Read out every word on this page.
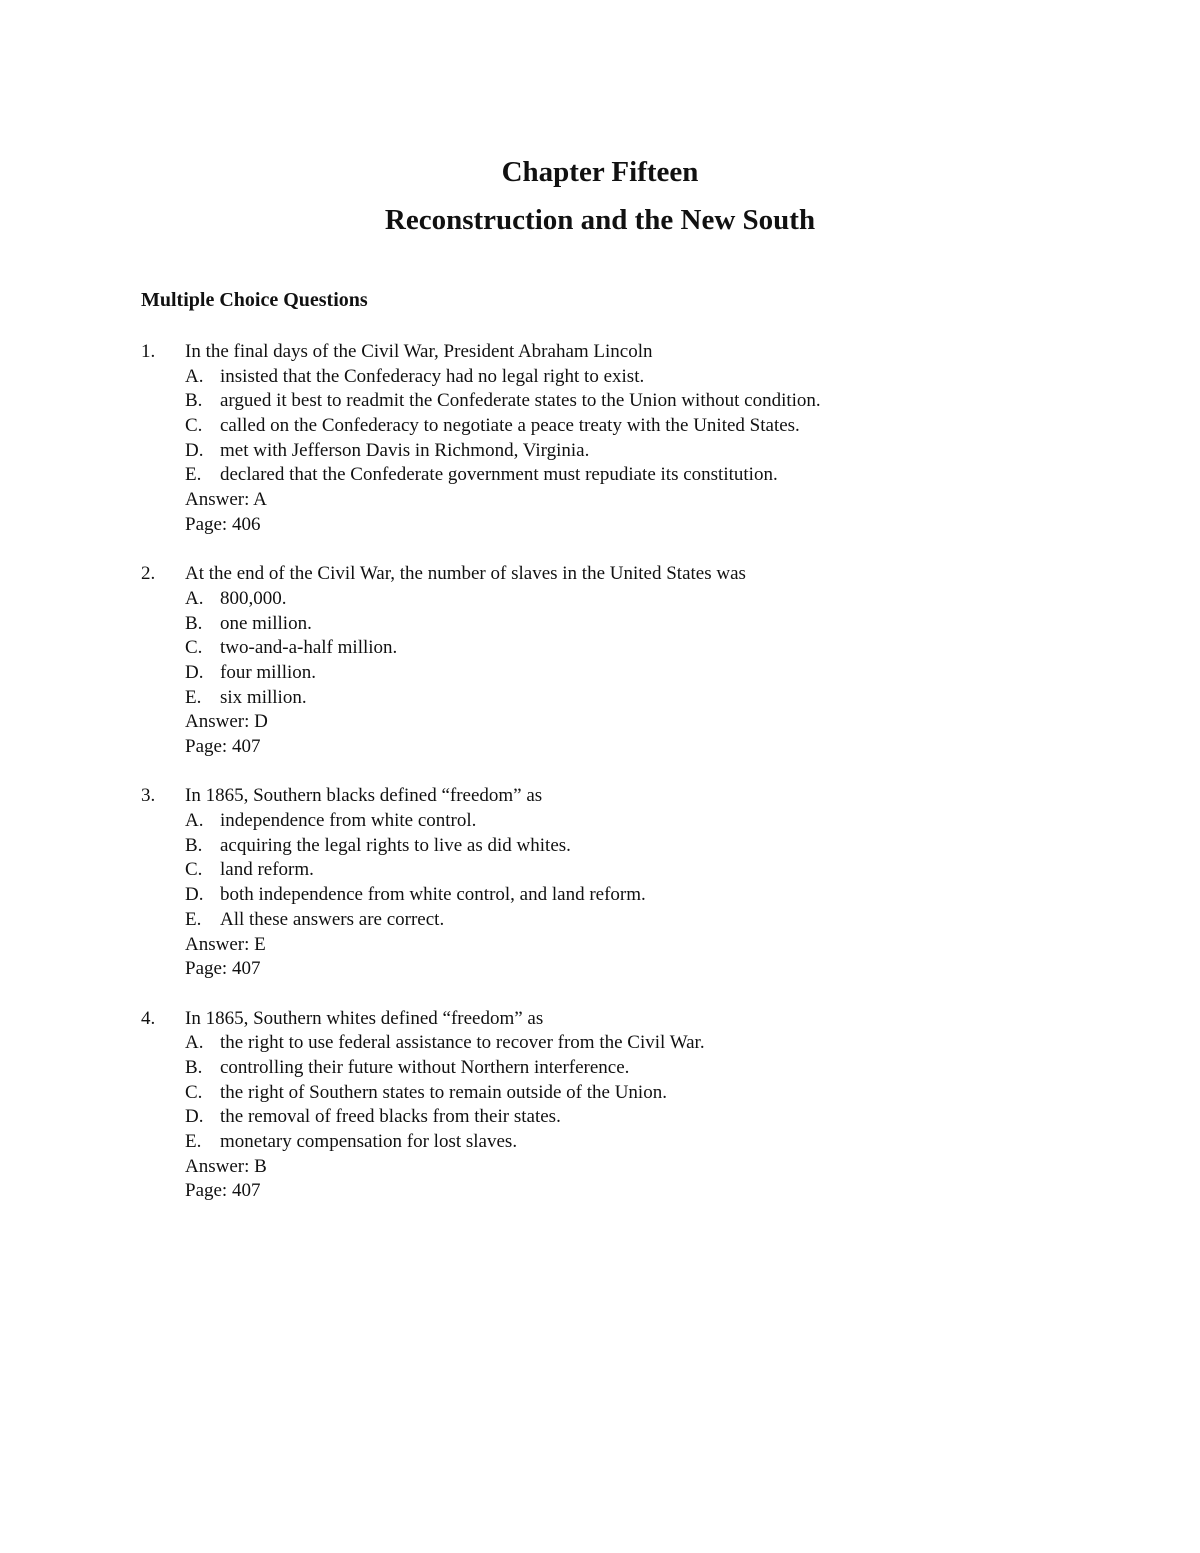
Chapter Fifteen
Reconstruction and the New South
Multiple Choice Questions
1. In the final days of the Civil War, President Abraham Lincoln
A. insisted that the Confederacy had no legal right to exist.
B. argued it best to readmit the Confederate states to the Union without condition.
C. called on the Confederacy to negotiate a peace treaty with the United States.
D. met with Jefferson Davis in Richmond, Virginia.
E. declared that the Confederate government must repudiate its constitution.
Answer: A
Page: 406
2. At the end of the Civil War, the number of slaves in the United States was
A. 800,000.
B. one million.
C. two-and-a-half million.
D. four million.
E. six million.
Answer: D
Page: 407
3. In 1865, Southern blacks defined “freedom” as
A. independence from white control.
B. acquiring the legal rights to live as did whites.
C. land reform.
D. both independence from white control, and land reform.
E. All these answers are correct.
Answer: E
Page: 407
4. In 1865, Southern whites defined “freedom” as
A. the right to use federal assistance to recover from the Civil War.
B. controlling their future without Northern interference.
C. the right of Southern states to remain outside of the Union.
D. the removal of freed blacks from their states.
E. monetary compensation for lost slaves.
Answer: B
Page: 407
